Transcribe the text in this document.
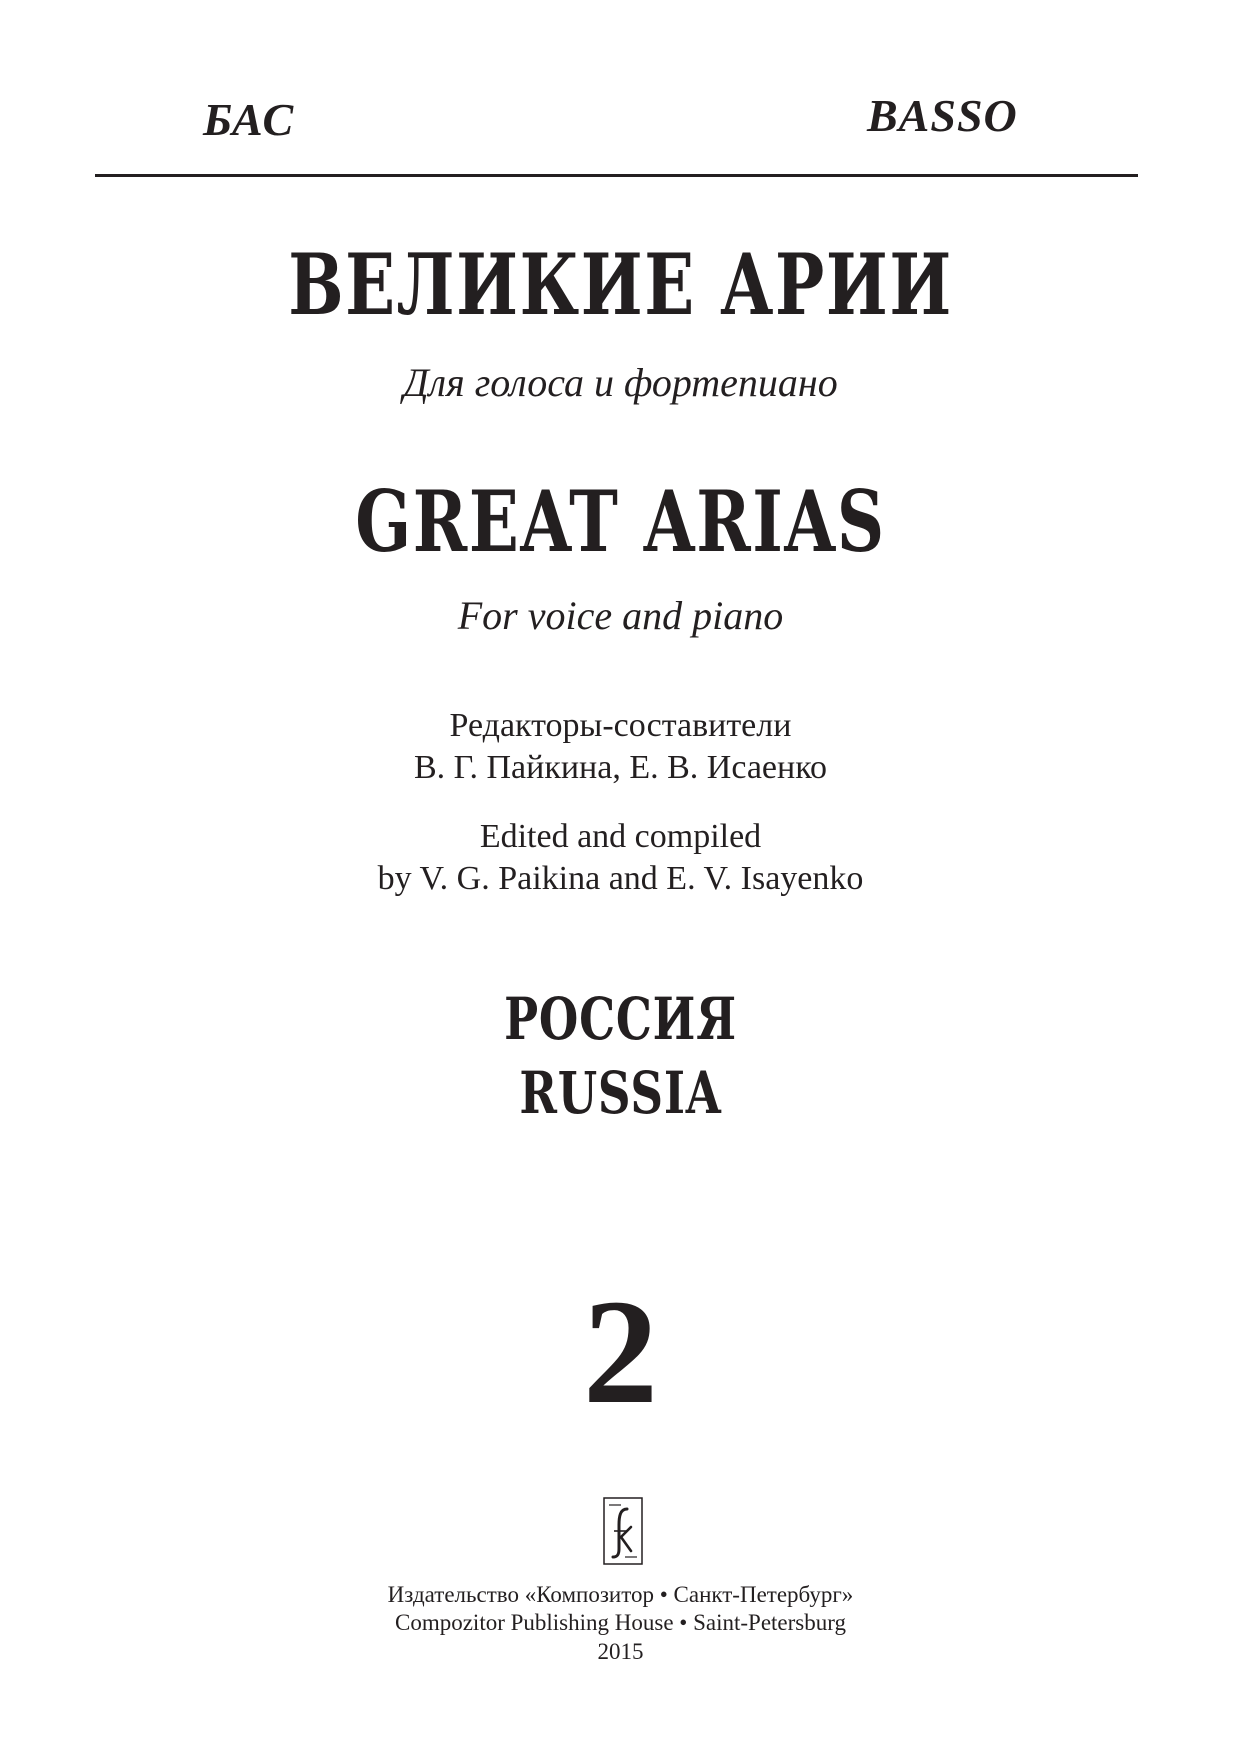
БАС	BASSO
ВЕЛИКИЕ АРИИ
Для голоса и фортепиано
GREAT ARIAS
For voice and piano
Редакторы-составители
В. Г. Пайкина, Е. В. Исаенко
Edited and compiled
by V. G. Paikina and E. V. Isayenko
РОССИЯ
RUSSIA
2
Издательство «Композитор • Санкт-Петербург»
Compozitor Publishing House • Saint-Petersburg
2015
